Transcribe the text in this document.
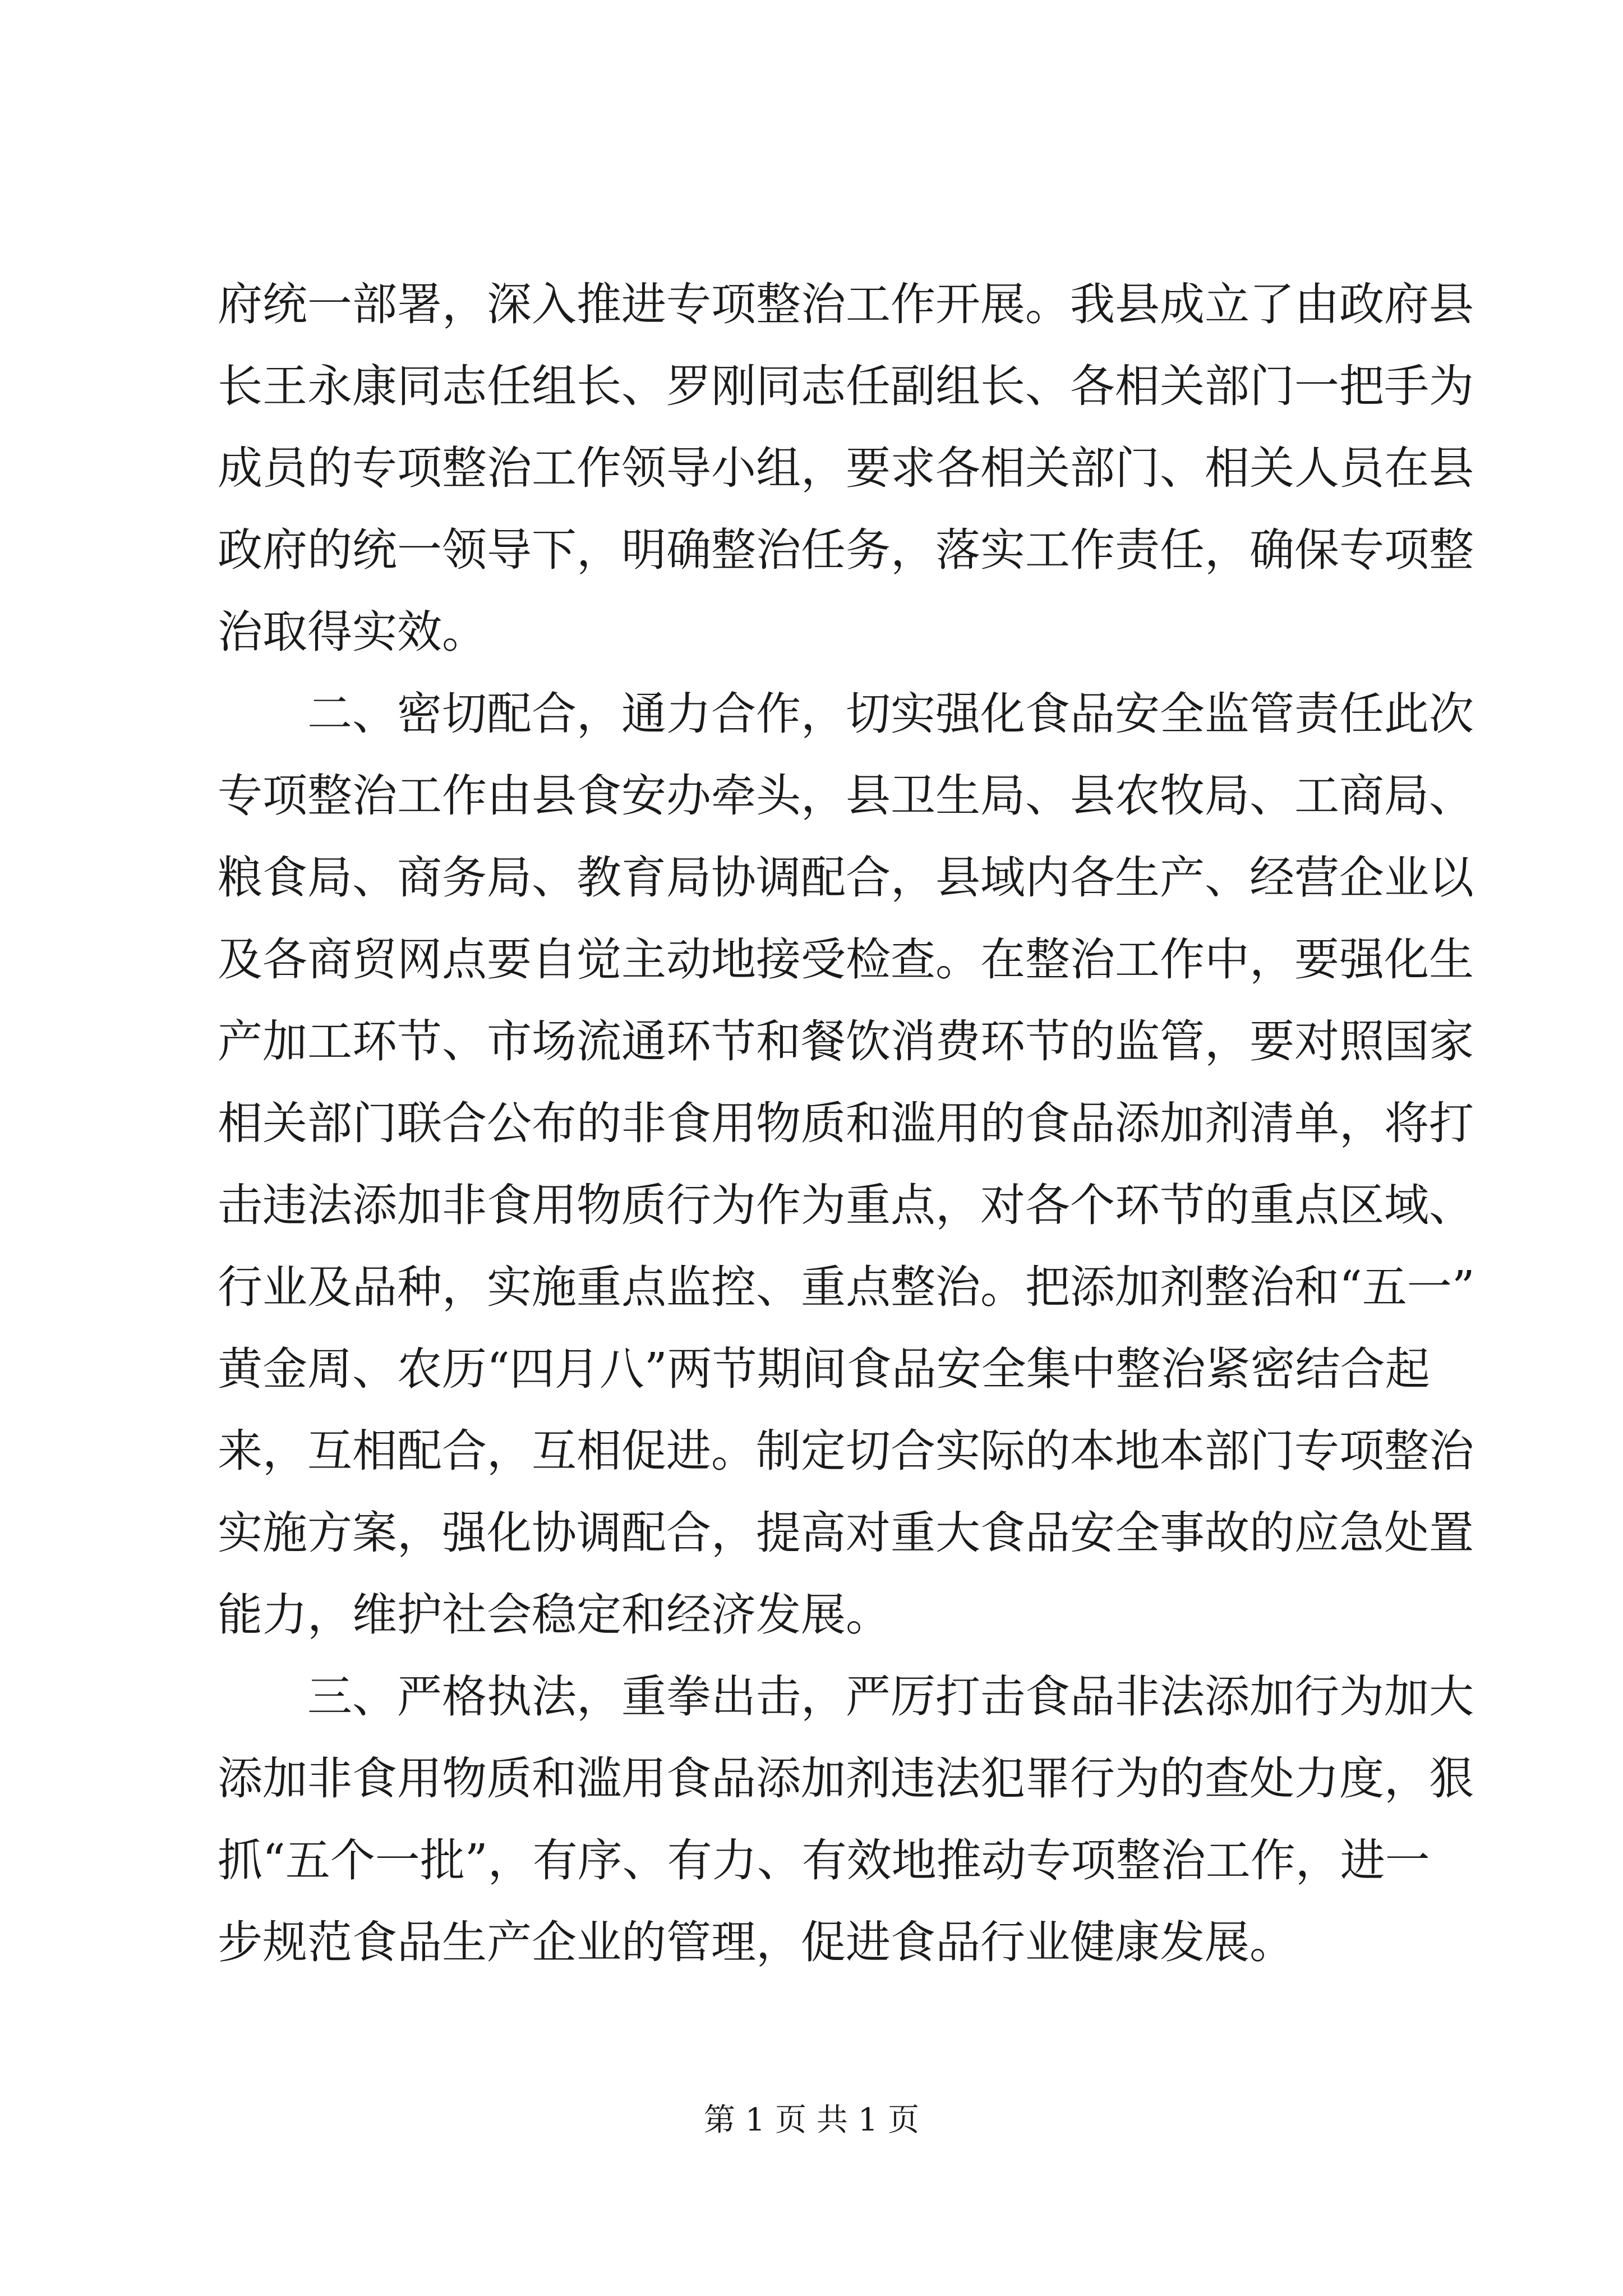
府统一部署，深入推进专项整治工作开展。我县成立了由政府县
长王永康同志任组长、罗刚同志任副组长、各相关部门一把手为
成员的专项整治工作领导小组，要求各相关部门、相关人员在县
政府的统一领导下，明确整治任务，落实工作责任，确保专项整
治取得实效。
二、密切配合，通力合作，切实强化食品安全监管责任此次
专项整治工作由县食安办牵头，县卫生局、县农牧局、工商局、
粮食局、商务局、教育局协调配合，县域内各生产、经营企业以
及各商贸网点要自觉主动地接受检查。在整治工作中，要强化生
产加工环节、市场流通环节和餐饮消费环节的监管，要对照国家
相关部门联合公布的非食用物质和滥用的食品添加剂清单，将打
击违法添加非食用物质行为作为重点，对各个环节的重点区域、
行业及品种，实施重点监控、重点整治。把添加剂整治和“五一”
黄金周、农历“四月八”两节期间食品安全集中整治紧密结合起
来，互相配合，互相促进。制定切合实际的本地本部门专项整治
实施方案，强化协调配合，提高对重大食品安全事故的应急处置
能力，维护社会稳定和经济发展。
三、严格执法，重拳出击，严厉打击食品非法添加行为加大
添加非食用物质和滥用食品添加剂违法犯罪行为的查处力度，狠
抓“五个一批”，有序、有力、有效地推动专项整治工作，进一
步规范食品生产企业的管理，促进食品行业健康发展。
第 1 页 共 1 页
